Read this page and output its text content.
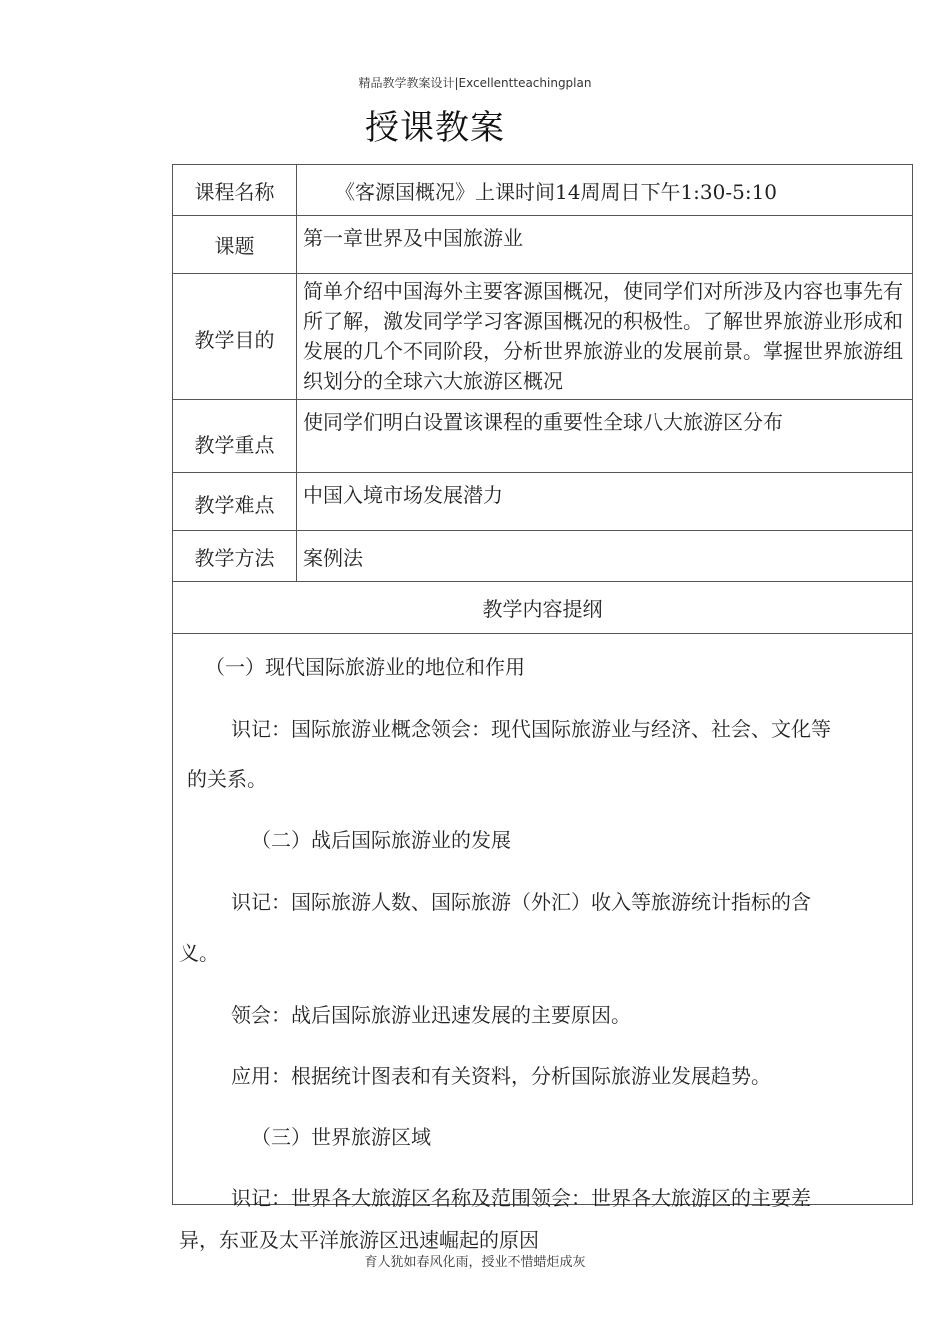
精品教学教案设计|Excellentteachingplan
授课教案
课程名称	《客源国概况》上课时间14周周日下午1:30-5:10
课题	第一章世界及中国旅游业
教学目的	简单介绍中国海外主要客源国概况，使同学们对所涉及内容也事先有所了解，激发同学学习客源国概况的积极性。了解世界旅游业形成和发展的几个不同阶段，分析世界旅游业的发展前景。掌握世界旅游组织划分的全球六大旅游区概况
教学重点	使同学们明白设置该课程的重要性全球八大旅游区分布
教学难点	中国入境市场发展潜力
教学方法	案例法
教学内容提纲	

（一）现代国际旅游业的地位和作用

识记：国际旅游业概念领会：现代国际旅游业与经济、社会、文化等

的关系。

（二）战后国际旅游业的发展

识记：国际旅游人数、国际旅游（外汇）收入等旅游统计指标的含

义。

领会：战后国际旅游业迅速发展的主要原因。

应用：根据统计图表和有关资料，分析国际旅游业发展趋势。

（三）世界旅游区域

识记：世界各大旅游区名称及范围领会：世界各大旅游区的主要差

异，东亚及太平洋旅游区迅速崛起的原因

育人犹如春风化雨，授业不惜蜡炬成灰
